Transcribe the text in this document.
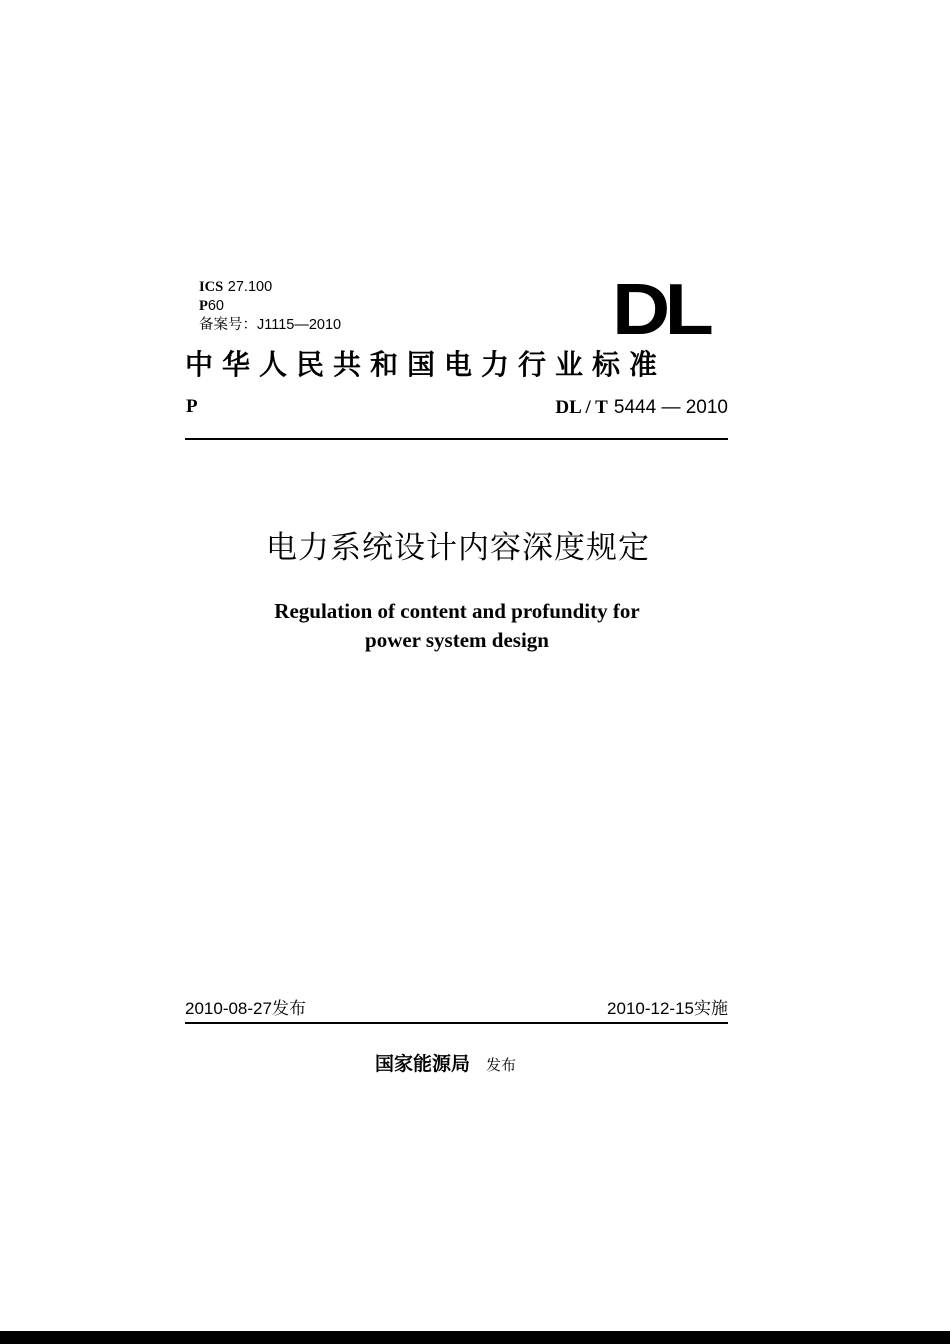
ICS 27.100
P60
备案号：J1115—2010	DL
中华人民共和国电力行业标准
P	DL / T 5444 — 2010
电力系统设计内容深度规定
Regulation of content and profundity for
power system design
2010-08-27发布	2010-12-15实施
国家能源局 发布
